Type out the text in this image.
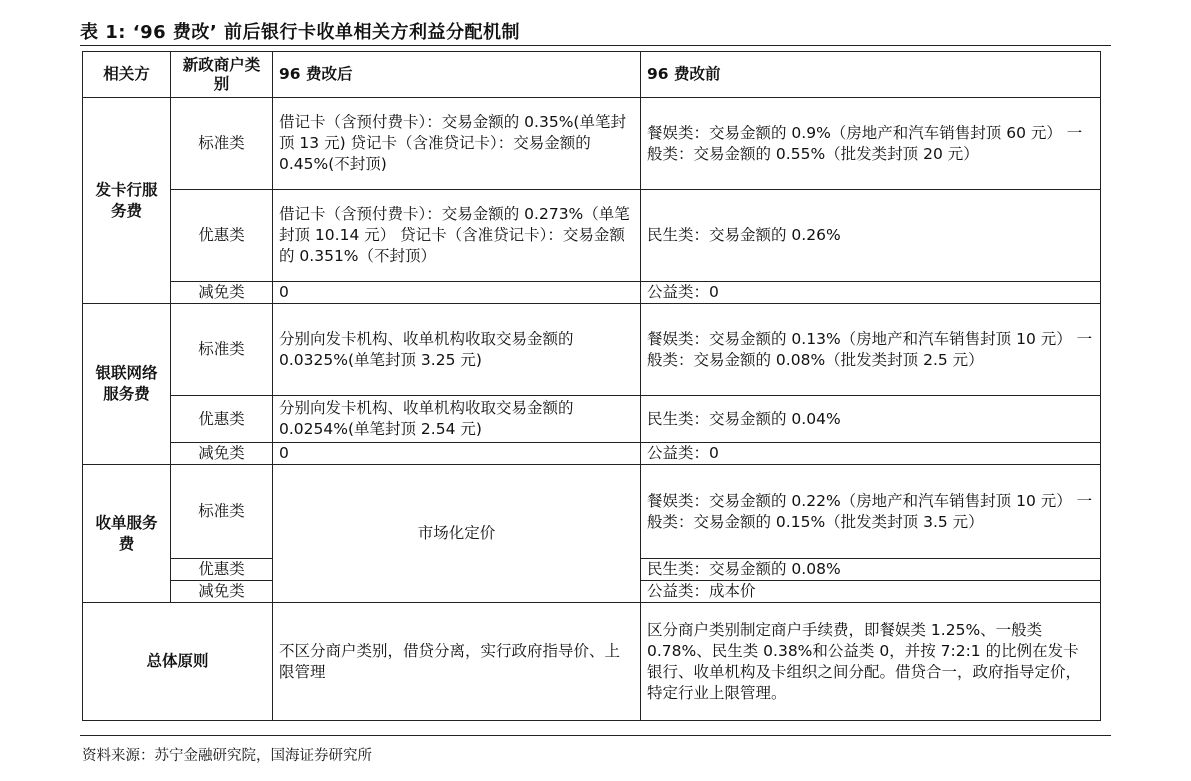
表 1: ‘96 费改’ 前后银行卡收单相关方利益分配机制
相关方	新政商户类别	96 费改后	96 费改前
发卡行服务费	标准类	借记卡（含预付费卡）：交易金额的 0.35%(单笔封顶 13 元) 贷记卡（含准贷记卡）：交易金额的 0.45%(不封顶)	餐娱类：交易金额的 0.9%（房地产和汽车销售封顶 60 元） 一般类：交易金额的 0.55%（批发类封顶 20 元）
	优惠类	借记卡（含预付费卡）：交易金额的 0.273%（单笔封顶 10.14 元） 贷记卡（含准贷记卡）：交易金额的 0.351%（不封顶）	民生类：交易金额的 0.26%
	减免类	0	公益类：0
银联网络服务费	标准类	分别向发卡机构、收单机构收取交易金额的 0.0325%(单笔封顶 3.25 元)	餐娱类：交易金额的 0.13%（房地产和汽车销售封顶 10 元） 一般类：交易金额的 0.08%（批发类封顶 2.5 元）
	优惠类	分别向发卡机构、收单机构收取交易金额的 0.0254%(单笔封顶 2.54 元)	民生类：交易金额的 0.04%
	减免类	0	公益类：0
收单服务费	标准类	市场化定价	餐娱类：交易金额的 0.22%（房地产和汽车销售封顶 10 元） 一般类：交易金额的 0.15%（批发类封顶 3.5 元）
	优惠类		民生类：交易金额的 0.08%
	减免类		公益类：成本价
总体原则		不区分商户类别，借贷分离，实行政府指导价、上限管理	区分商户类别制定商户手续费，即餐娱类 1.25%、一般类 0.78%、民生类 0.38%和公益类 0，并按 7:2:1 的比例在发卡银行、收单机构及卡组织之间分配。借贷合一，政府指导定价，特定行业上限管理。
资料来源：苏宁金融研究院，国海证券研究所
